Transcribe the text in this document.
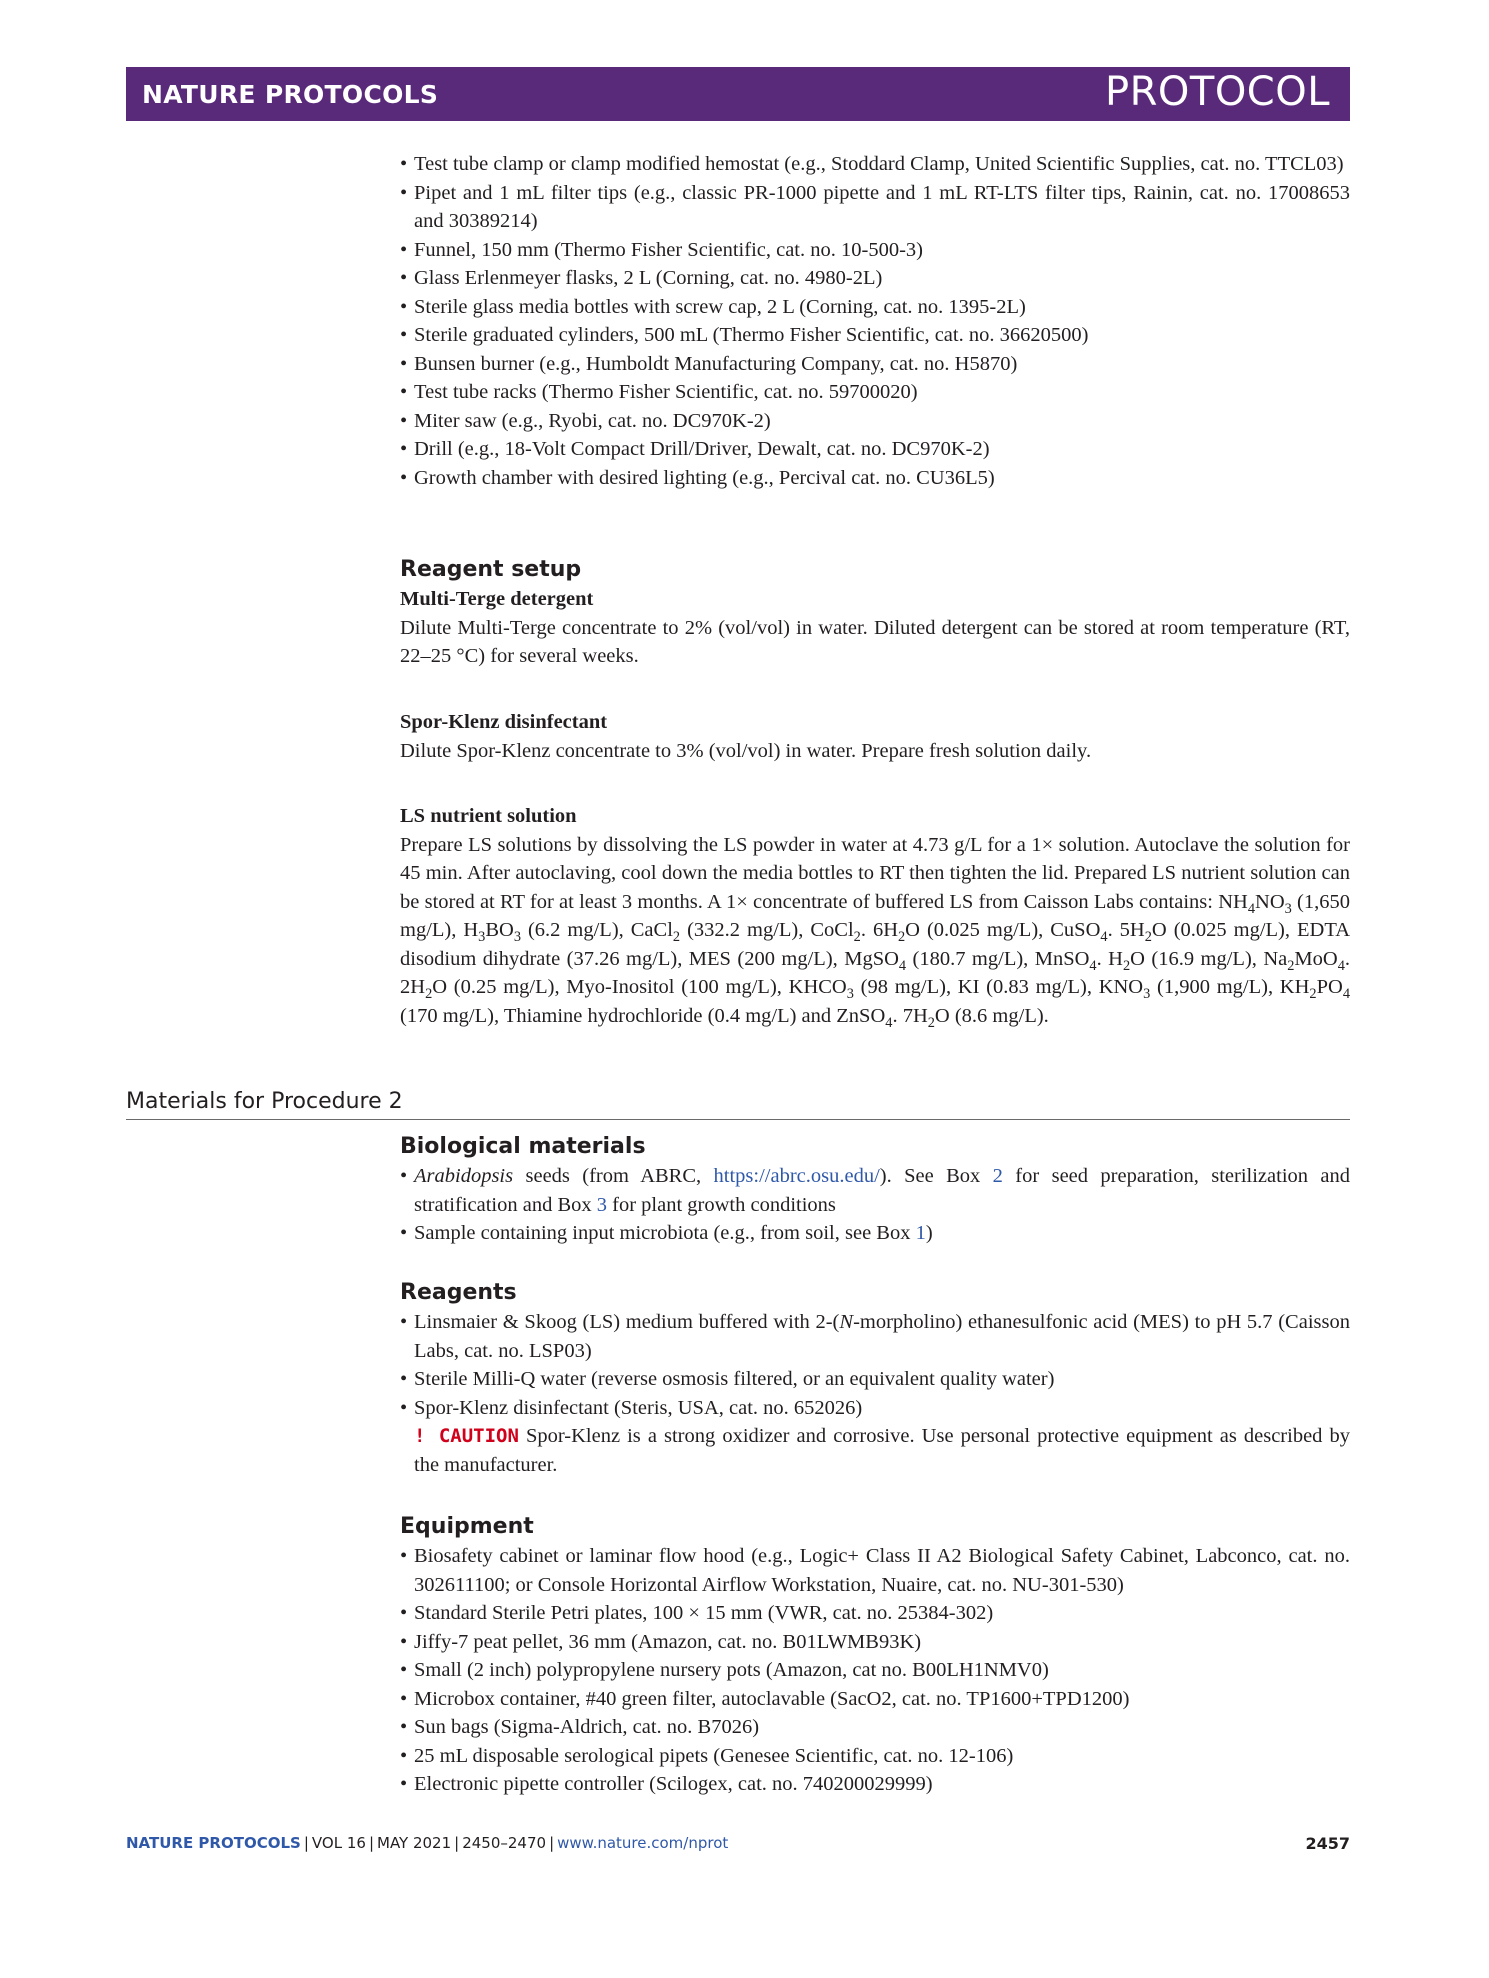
NATURE PROTOCOLS	PROTOCOL
• Test tube clamp or clamp modified hemostat (e.g., Stoddard Clamp, United Scientific Supplies, cat. no. TTCL03)
• Pipet and 1 mL filter tips (e.g., classic PR-1000 pipette and 1 mL RT-LTS filter tips, Rainin, cat. no. 17008653 and 30389214)
• Funnel, 150 mm (Thermo Fisher Scientific, cat. no. 10-500-3)
• Glass Erlenmeyer flasks, 2 L (Corning, cat. no. 4980-2L)
• Sterile glass media bottles with screw cap, 2 L (Corning, cat. no. 1395-2L)
• Sterile graduated cylinders, 500 mL (Thermo Fisher Scientific, cat. no. 36620500)
• Bunsen burner (e.g., Humboldt Manufacturing Company, cat. no. H5870)
• Test tube racks (Thermo Fisher Scientific, cat. no. 59700020)
• Miter saw (e.g., Ryobi, cat. no. DC970K-2)
• Drill (e.g., 18-Volt Compact Drill/Driver, Dewalt, cat. no. DC970K-2)
• Growth chamber with desired lighting (e.g., Percival cat. no. CU36L5)
Reagent setup

Multi-Terge detergent

Dilute Multi-Terge concentrate to 2% (vol/vol) in water. Diluted detergent can be stored at room temperature (RT, 22–25 °C) for several weeks.

Spor-Klenz disinfectant

Dilute Spor-Klenz concentrate to 3% (vol/vol) in water. Prepare fresh solution daily.

LS nutrient solution

Prepare LS solutions by dissolving the LS powder in water at 4.73 g/L for a 1× solution. Autoclave the solution for 45 min. After autoclaving, cool down the media bottles to RT then tighten the lid. Prepared LS nutrient solution can be stored at RT for at least 3 months. A 1× concentrate of buffered LS from Caisson Labs contains: $NH_4NO_3$ (1,650 mg/L), $H_3BO_3$ (6.2 mg/L), CaCl$_2$ (332.2 mg/L), CoCl$_2$. $6H_2O$ (0.025 mg/L), CuSO$_4$. $5H_2O$ (0.025 mg/L), EDTA disodium dihydrate (37.26 mg/L), MES (200 mg/L), MgSO$_4$ (180.7 mg/L), MnSO$_4$. $H_2O$ (16.9 mg/L), $Na_2MoO_4$. $2H_2O$ (0.25 mg/L), Myo-Inositol (100 mg/L), $KHCO_3$ (98 mg/L), KI (0.83 mg/L), $KNO_3$ (1,900 mg/L), $KH_2PO_4$ (170 mg/L), Thiamine hydrochloride (0.4 mg/L) and ZnSO$_4$. $7H_2O$ (8.6 mg/L).

Materials for Procedure 2
Biological materials
• Arabidopsis seeds (from ABRC, https://abrc.osu.edu/). See Box 2 for seed preparation, sterilization and stratification and Box 3 for plant growth conditions
• Sample containing input microbiota (e.g., from soil, see Box 1)
Reagents
• Linsmaier & Skoog (LS) medium buffered with 2-(N-morpholino) ethanesulfonic acid (MES) to pH 5.7 (Caisson Labs, cat. no. LSP03)
• Sterile Milli-Q water (reverse osmosis filtered, or an equivalent quality water)
• Spor-Klenz disinfectant (Steris, USA, cat. no. 652026)

! CAUTION Spor-Klenz is a strong oxidizer and corrosive. Use personal protective equipment as described by the manufacturer.

Equipment
• Biosafety cabinet or laminar flow hood (e.g., Logic+ Class II A2 Biological Safety Cabinet, Labconco, cat. no. 302611100; or Console Horizontal Airflow Workstation, Nuaire, cat. no. NU-301-530)
• Standard Sterile Petri plates, 100 × 15 mm (VWR, cat. no. 25384-302)
• Jiffy-7 peat pellet, 36 mm (Amazon, cat. no. B01LWMB93K)
• Small (2 inch) polypropylene nursery pots (Amazon, cat no. B00LH1NMV0)
• Microbox container, #40 green filter, autoclavable (SacO2, cat. no. TP1600+TPD1200)
• Sun bags (Sigma-Aldrich, cat. no. B7026)
• 25 mL disposable serological pipets (Genesee Scientific, cat. no. 12-106)
• Electronic pipette controller (Scilogex, cat. no. 740200029999)
NATURE PROTOCOLS | VOL 16 | MAY 2021 | 2450–2470 | www.nature.com/nprot	2457
